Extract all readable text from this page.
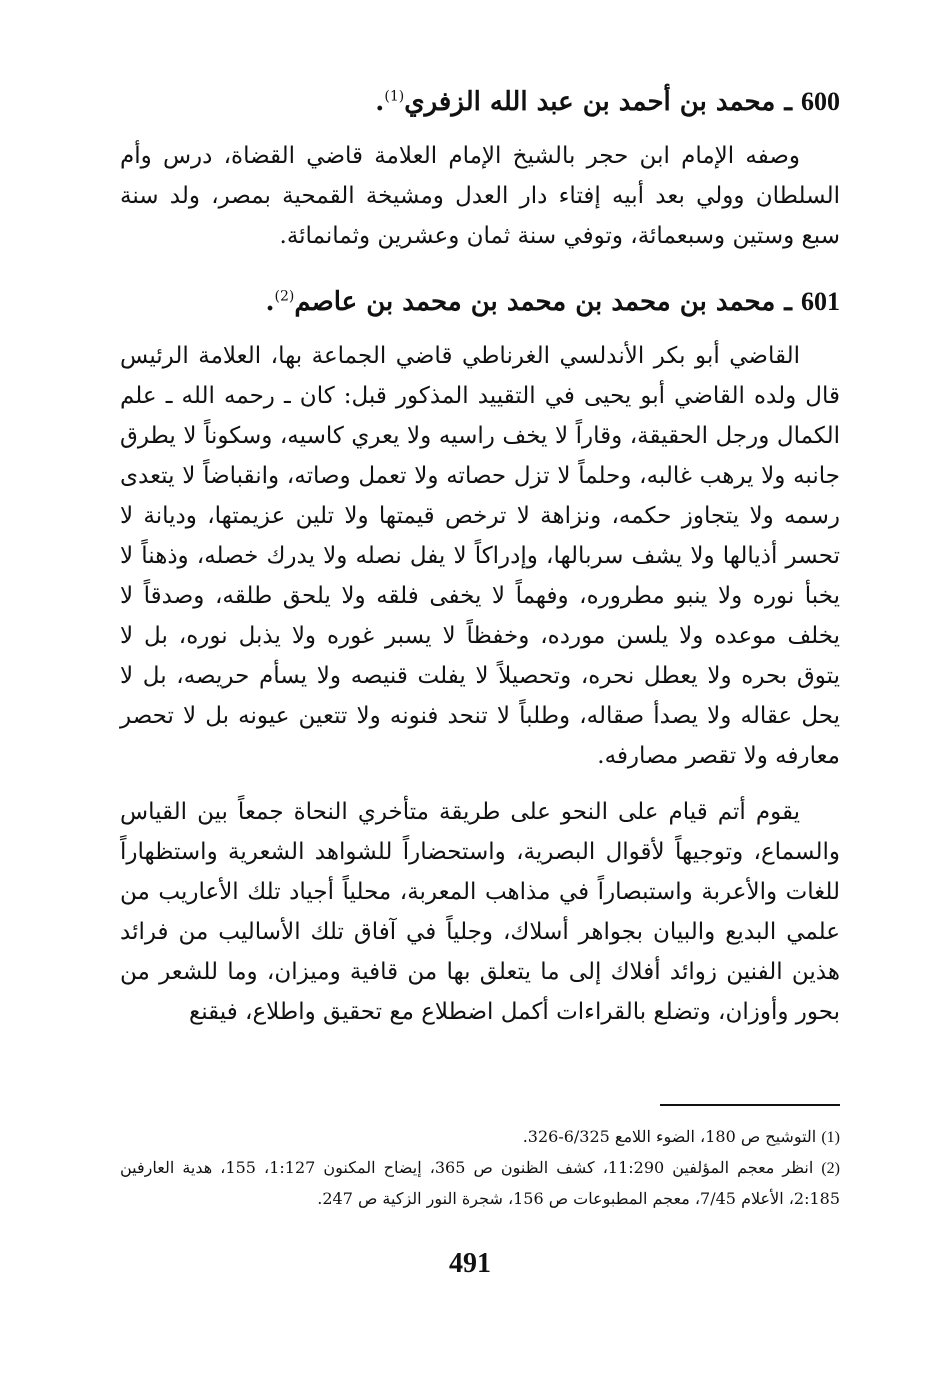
600 ـ محمد بن أحمد بن عبد الله الزفري$^{(1)}$.

وصفه الإمام ابن حجر بالشيخ الإمام العلامة قاضي القضاة، درس وأم السلطان وولي بعد أبيه إفتاء دار العدل ومشيخة القمحية بمصر، ولد سنة سبع وستين وسبعمائة، وتوفي سنة ثمان وعشرين وثمانمائة.

601 ـ محمد بن محمد بن محمد بن محمد بن عاصم$^{(2)}$.

القاضي أبو بكر الأندلسي الغرناطي قاضي الجماعة بها، العلامة الرئيس قال ولده القاضي أبو يحيى في التقييد المذكور قبل: كان ـ رحمه الله ـ علم الكمال ورجل الحقيقة، وقاراً لا يخف راسيه ولا يعري كاسيه، وسكوناً لا يطرق جانبه ولا يرهب غالبه، وحلماً لا تزل حصاته ولا تعمل وصاته، وانقباضاً لا يتعدى رسمه ولا يتجاوز حكمه، ونزاهة لا ترخص قيمتها ولا تلين عزيمتها، وديانة لا تحسر أذيالها ولا يشف سربالها، وإدراكاً لا يفل نصله ولا يدرك خصله، وذهناً لا يخبأ نوره ولا ينبو مطروره، وفهماً لا يخفى فلقه ولا يلحق طلقه، وصدقاً لا يخلف موعده ولا يلسن مورده، وخفظاً لا يسبر غوره ولا يذبل نوره، بل لا يتوق بحره ولا يعطل نحره، وتحصيلاً لا يفلت قنيصه ولا يسأم حريصه، بل لا يحل عقاله ولا يصدأ صقاله، وطلباً لا تنحد فنونه ولا تتعين عيونه بل لا تحصر معارفه ولا تقصر مصارفه.

يقوم أتم قيام على النحو على طريقة متأخري النحاة جمعاً بين القياس والسماع، وتوجيهاً لأقوال البصرية، واستحضاراً للشواهد الشعرية واستظهاراً للغات والأعربة واستبصاراً في مذاهب المعربة، محلياً أجياد تلك الأعاريب من علمي البديع والبيان بجواهر أسلاك، وجلياً في آفاق تلك الأساليب من فرائد هذين الفنين زوائد أفلاك إلى ما يتعلق بها من قافية وميزان، وما للشعر من بحور وأوزان، وتضلع بالقراءات أكمل اضطلاع مع تحقيق واطلاع، فيقنع

(1) التوشيح ص 180، الضوء اللامع 6/325-326.

(2) انظر معجم المؤلفين 11:290، كشف الظنون ص 365، إيضاح المكنون 1:127، 155، هدية العارفين 2:185، الأعلام 7/45، معجم المطبوعات ص 156، شجرة النور الزكية ص 247.

491
